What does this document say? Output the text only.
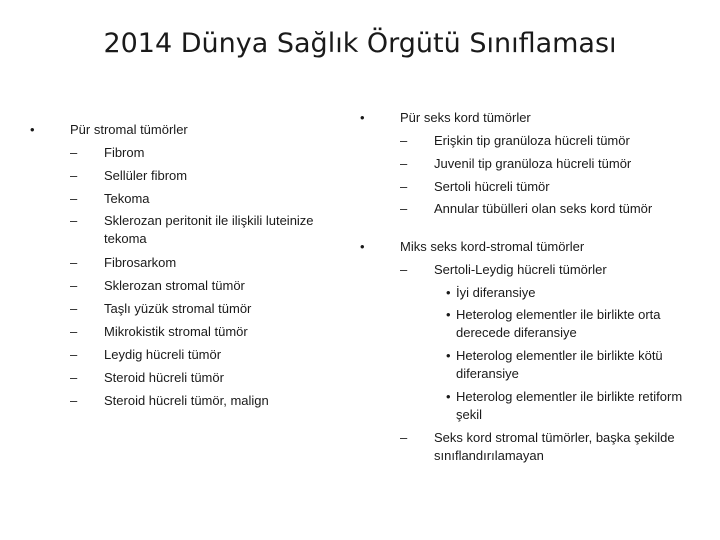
2014 Dünya Sağlık Örgütü Sınıflaması
•	Pür stromal tümörler
– Fibrom
– Sellüler fibrom
– Tekoma
– Sklerozan peritonit ile ilişkili luteinize tekoma
– Fibrosarkom
– Sklerozan stromal tümör
– Taşlı yüzük stromal tümör
– Mikrokistik stromal tümör
– Leydig hücreli tümör
– Steroid hücreli tümör
– Steroid hücreli tümör, malign
•	Pür seks kord tümörler
– Erişkin tip granüloza hücreli tümör
– Juvenil tip granüloza hücreli tümör
– Sertoli hücreli tümör
– Annular tübülleri olan seks kord tümör
•	Miks seks kord-stromal tümörler
– Sertoli-Leydig hücreli tümörler
• İyi diferansiye
• Heterolog elementler ile birlikte orta derecede diferansiye
• Heterolog elementler ile birlikte kötü diferansiye
• Heterolog elementler ile birlikte retiform şekil
– Seks kord stromal tümörler, başka şekilde sınıflandırılamayan
